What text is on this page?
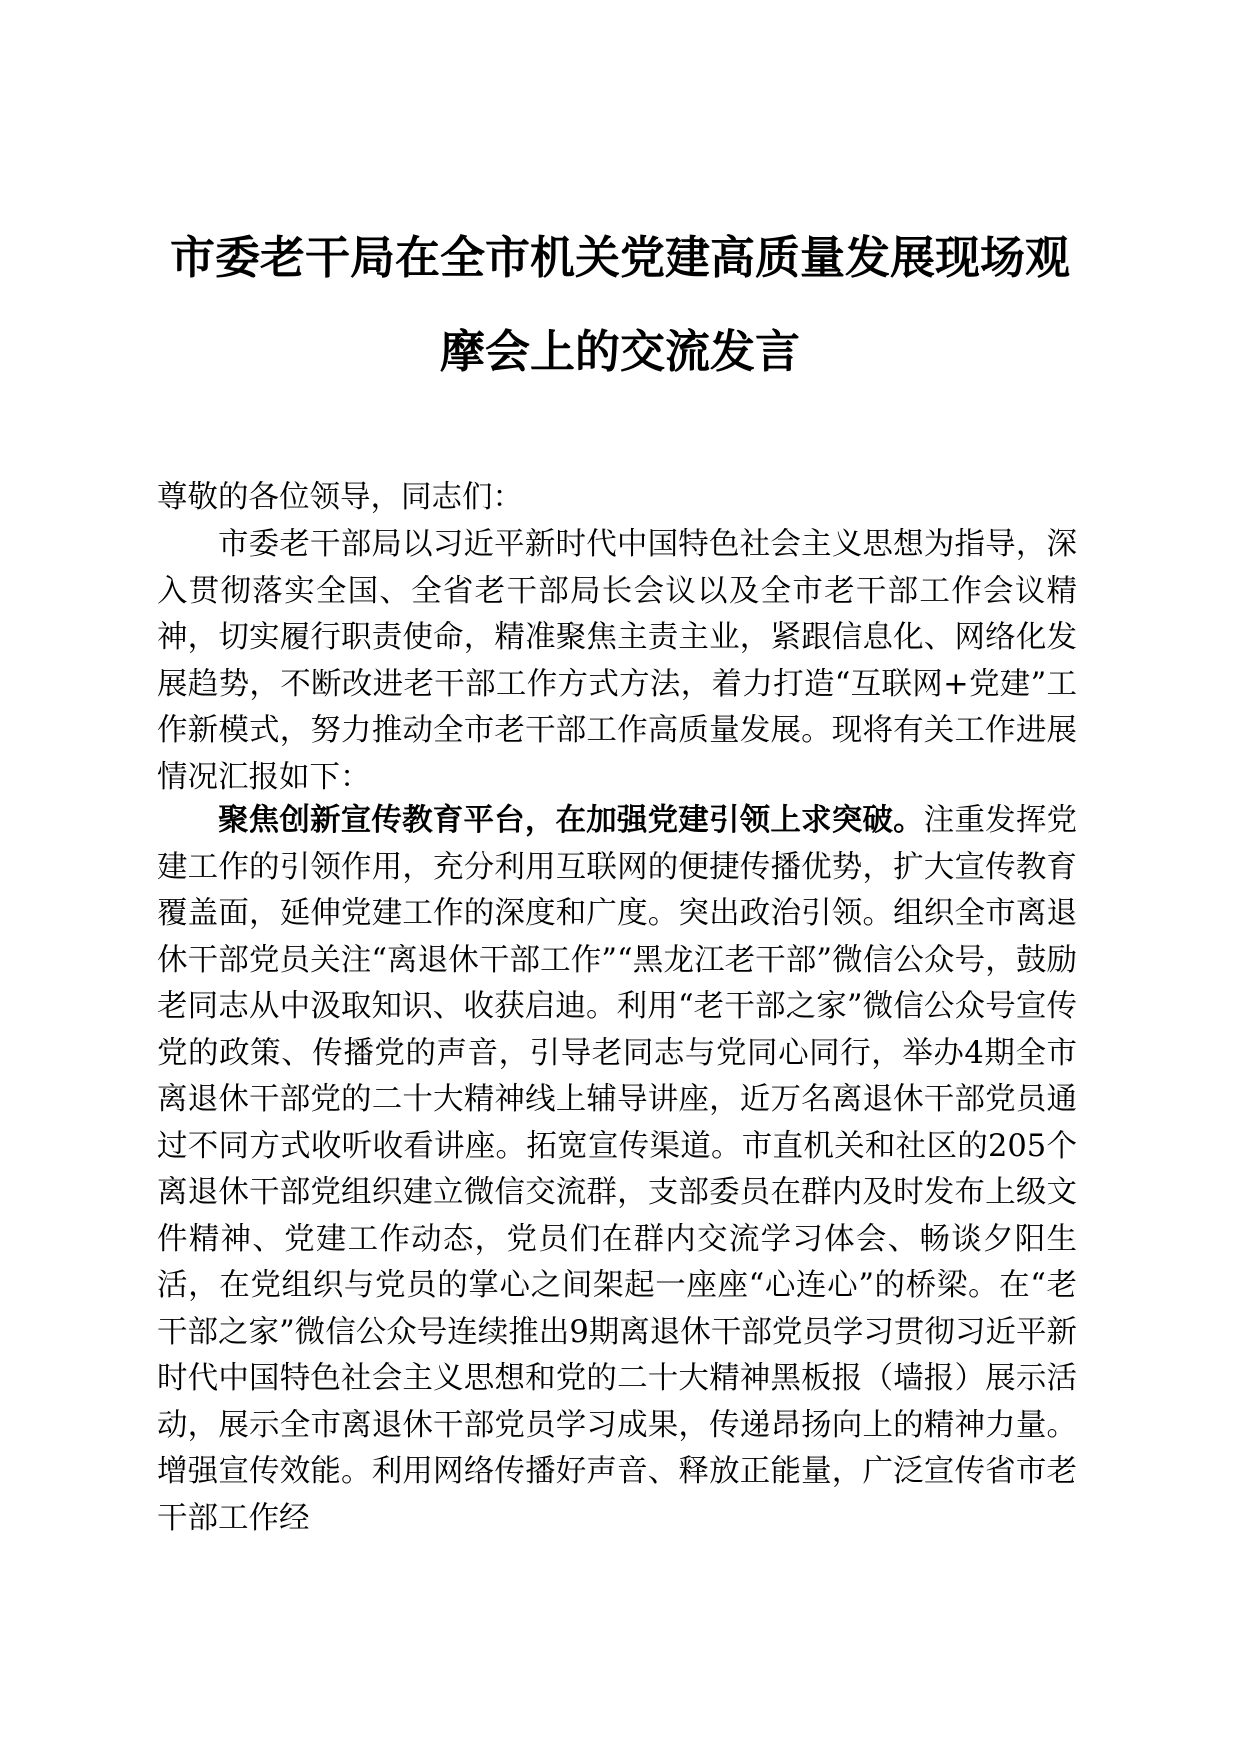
市委老干局在全市机关党建高质量发展现场观
摩会上的交流发言
尊敬的各位领导，同志们：

市委老干部局以习近平新时代中国特色社会主义思想为指导，深入贯彻落实全国、全省老干部局长会议以及全市老干部工作会议精神，切实履行职责使命，精准聚焦主责主业，紧跟信息化、网络化发展趋势，不断改进老干部工作方式方法，着力打造“互联网+党建”工作新模式，努力推动全市老干部工作高质量发展。现将有关工作进展情况汇报如下：

聚焦创新宣传教育平台，在加强党建引领上求突破。注重发挥党建工作的引领作用，充分利用互联网的便捷传播优势，扩大宣传教育覆盖面，延伸党建工作的深度和广度。突出政治引领。组织全市离退休干部党员关注“离退休干部工作”“黑龙江老干部”微信公众号，鼓励老同志从中汲取知识、收获启迪。利用“老干部之家”微信公众号宣传党的政策、传播党的声音，引导老同志与党同心同行，举办4期全市离退休干部党的二十大精神线上辅导讲座，近万名离退休干部党员通过不同方式收听收看讲座。拓宽宣传渠道。市直机关和社区的205个离退休干部党组织建立微信交流群，支部委员在群内及时发布上级文件精神、党建工作动态，党员们在群内交流学习体会、畅谈夕阳生活，在党组织与党员的掌心之间架起一座座“心连心”的桥梁。在“老干部之家”微信公众号连续推出9期离退休干部党员学习贯彻习近平新时代中国特色社会主义思想和党的二十大精神黑板报（墙报）展示活动，展示全市离退休干部党员学习成果，传递昂扬向上的精神力量。增强宣传效能。利用网络传播好声音、释放正能量，广泛宣传省市老干部工作经
